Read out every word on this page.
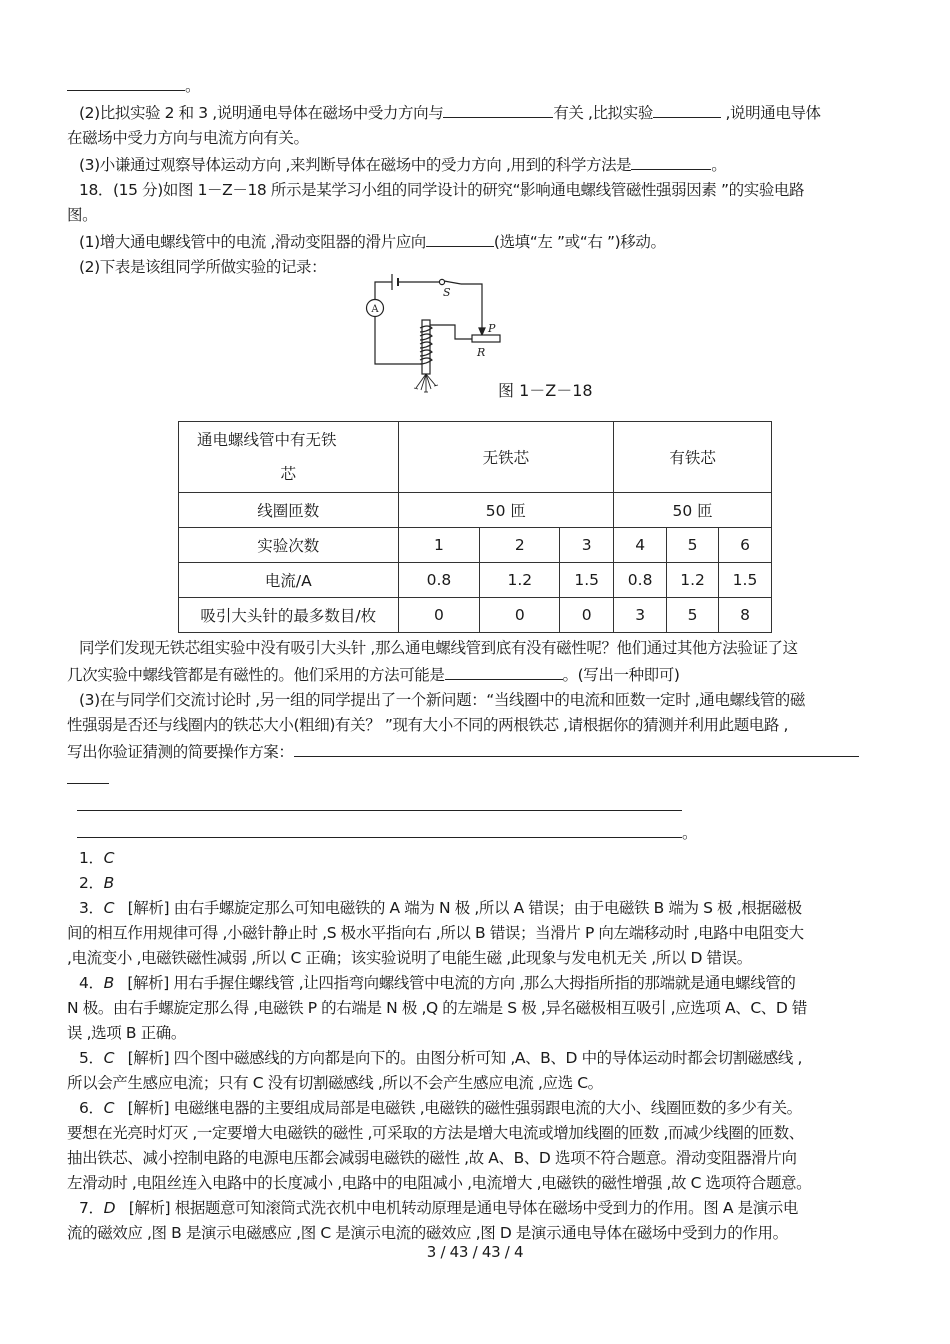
。
(2)比拟实验 2 和 3 ,说明通电导体在磁场中受力方向与	有关 ,比拟实验	,说明通电导体
在磁场中受力方向与电流方向有关。
(3)小谦通过观察导体运动方向 ,来判断导体在磁场中的受力方向 ,用到的科学方法是	。
18．(15 分)如图 1－Z－18 所示是某学习小组的同学设计的研究“影响通电螺线管磁性强弱因素 ”的实验电路
图。
(1)增大通电螺线管中的电流 ,滑动变阻器的滑片应向	(选填“左 ”或“右 ”)移动。
(2)下表是该组同学所做实验的记录：
A
S
P
R
图 1－Z－18
通电螺线管中有无铁
芯	无铁芯			有铁芯		
线圈匝数	50 匝			50 匝		
实验次数	1	2	3	4	5	6
电流/A	0.8	1.2	1.5	0.8	1.2	1.5
吸引大头针的最多数目/枚	0	0	0	3	5	8
同学们发现无铁芯组实验中没有吸引大头针 ,那么通电螺线管到底有没有磁性呢？他们通过其他方法验证了这
几次实验中螺线管都是有磁性的。他们采用的方法可能是	。(写出一种即可)
(3)在与同学们交流讨论时 ,另一组的同学提出了一个新问题：“当线圈中的电流和匝数一定时 ,通电螺线管的磁
性强弱是否还与线圈内的铁芯大小(粗细)有关？ ”现有大小不同的两根铁芯 ,请根据你的猜测并利用此题电路 ,
写出你验证猜测的简要操作方案：
。
1．C
2．B
3．C [解析] 由右手螺旋定那么可知电磁铁的 A 端为 N 极 ,所以 A 错误；由于电磁铁 B 端为 S 极 ,根据磁极
间的相互作用规律可得 ,小磁针静止时 ,S 极水平指向右 ,所以 B 错误；当滑片 P 向左端移动时 ,电路中电阻变大
,电流变小 ,电磁铁磁性减弱 ,所以 C 正确；该实验说明了电能生磁 ,此现象与发电机无关 ,所以 D 错误。
4．B [解析] 用右手握住螺线管 ,让四指弯向螺线管中电流的方向 ,那么大拇指所指的那端就是通电螺线管的
N 极。由右手螺旋定那么得 ,电磁铁 P 的右端是 N 极 ,Q 的左端是 S 极 ,异名磁极相互吸引 ,应选项 A、C、D 错
误 ,选项 B 正确。
5．C [解析] 四个图中磁感线的方向都是向下的。由图分析可知 ,A、B、D 中的导体运动时都会切割磁感线 ,
所以会产生感应电流；只有 C 没有切割磁感线 ,所以不会产生感应电流 ,应选 C。
6．C [解析] 电磁继电器的主要组成局部是电磁铁 ,电磁铁的磁性强弱跟电流的大小、线圈匝数的多少有关。
要想在光亮时灯灭 ,一定要增大电磁铁的磁性 ,可采取的方法是增大电流或增加线圈的匝数 ,而减少线圈的匝数、
抽出铁芯、减小控制电路的电源电压都会减弱电磁铁的磁性 ,故 A、B、D 选项不符合题意。滑动变阻器滑片向
左滑动时 ,电阻丝连入电路中的长度减小 ,电路中的电阻减小 ,电流增大 ,电磁铁的磁性增强 ,故 C 选项符合题意。
7．D [解析] 根据题意可知滚筒式洗衣机中电机转动原理是通电导体在磁场中受到力的作用。图 A 是演示电
流的磁效应 ,图 B 是演示电磁感应 ,图 C 是演示电流的磁效应 ,图 D 是演示通电导体在磁场中受到力的作用。
3 / 43 / 43 / 4
